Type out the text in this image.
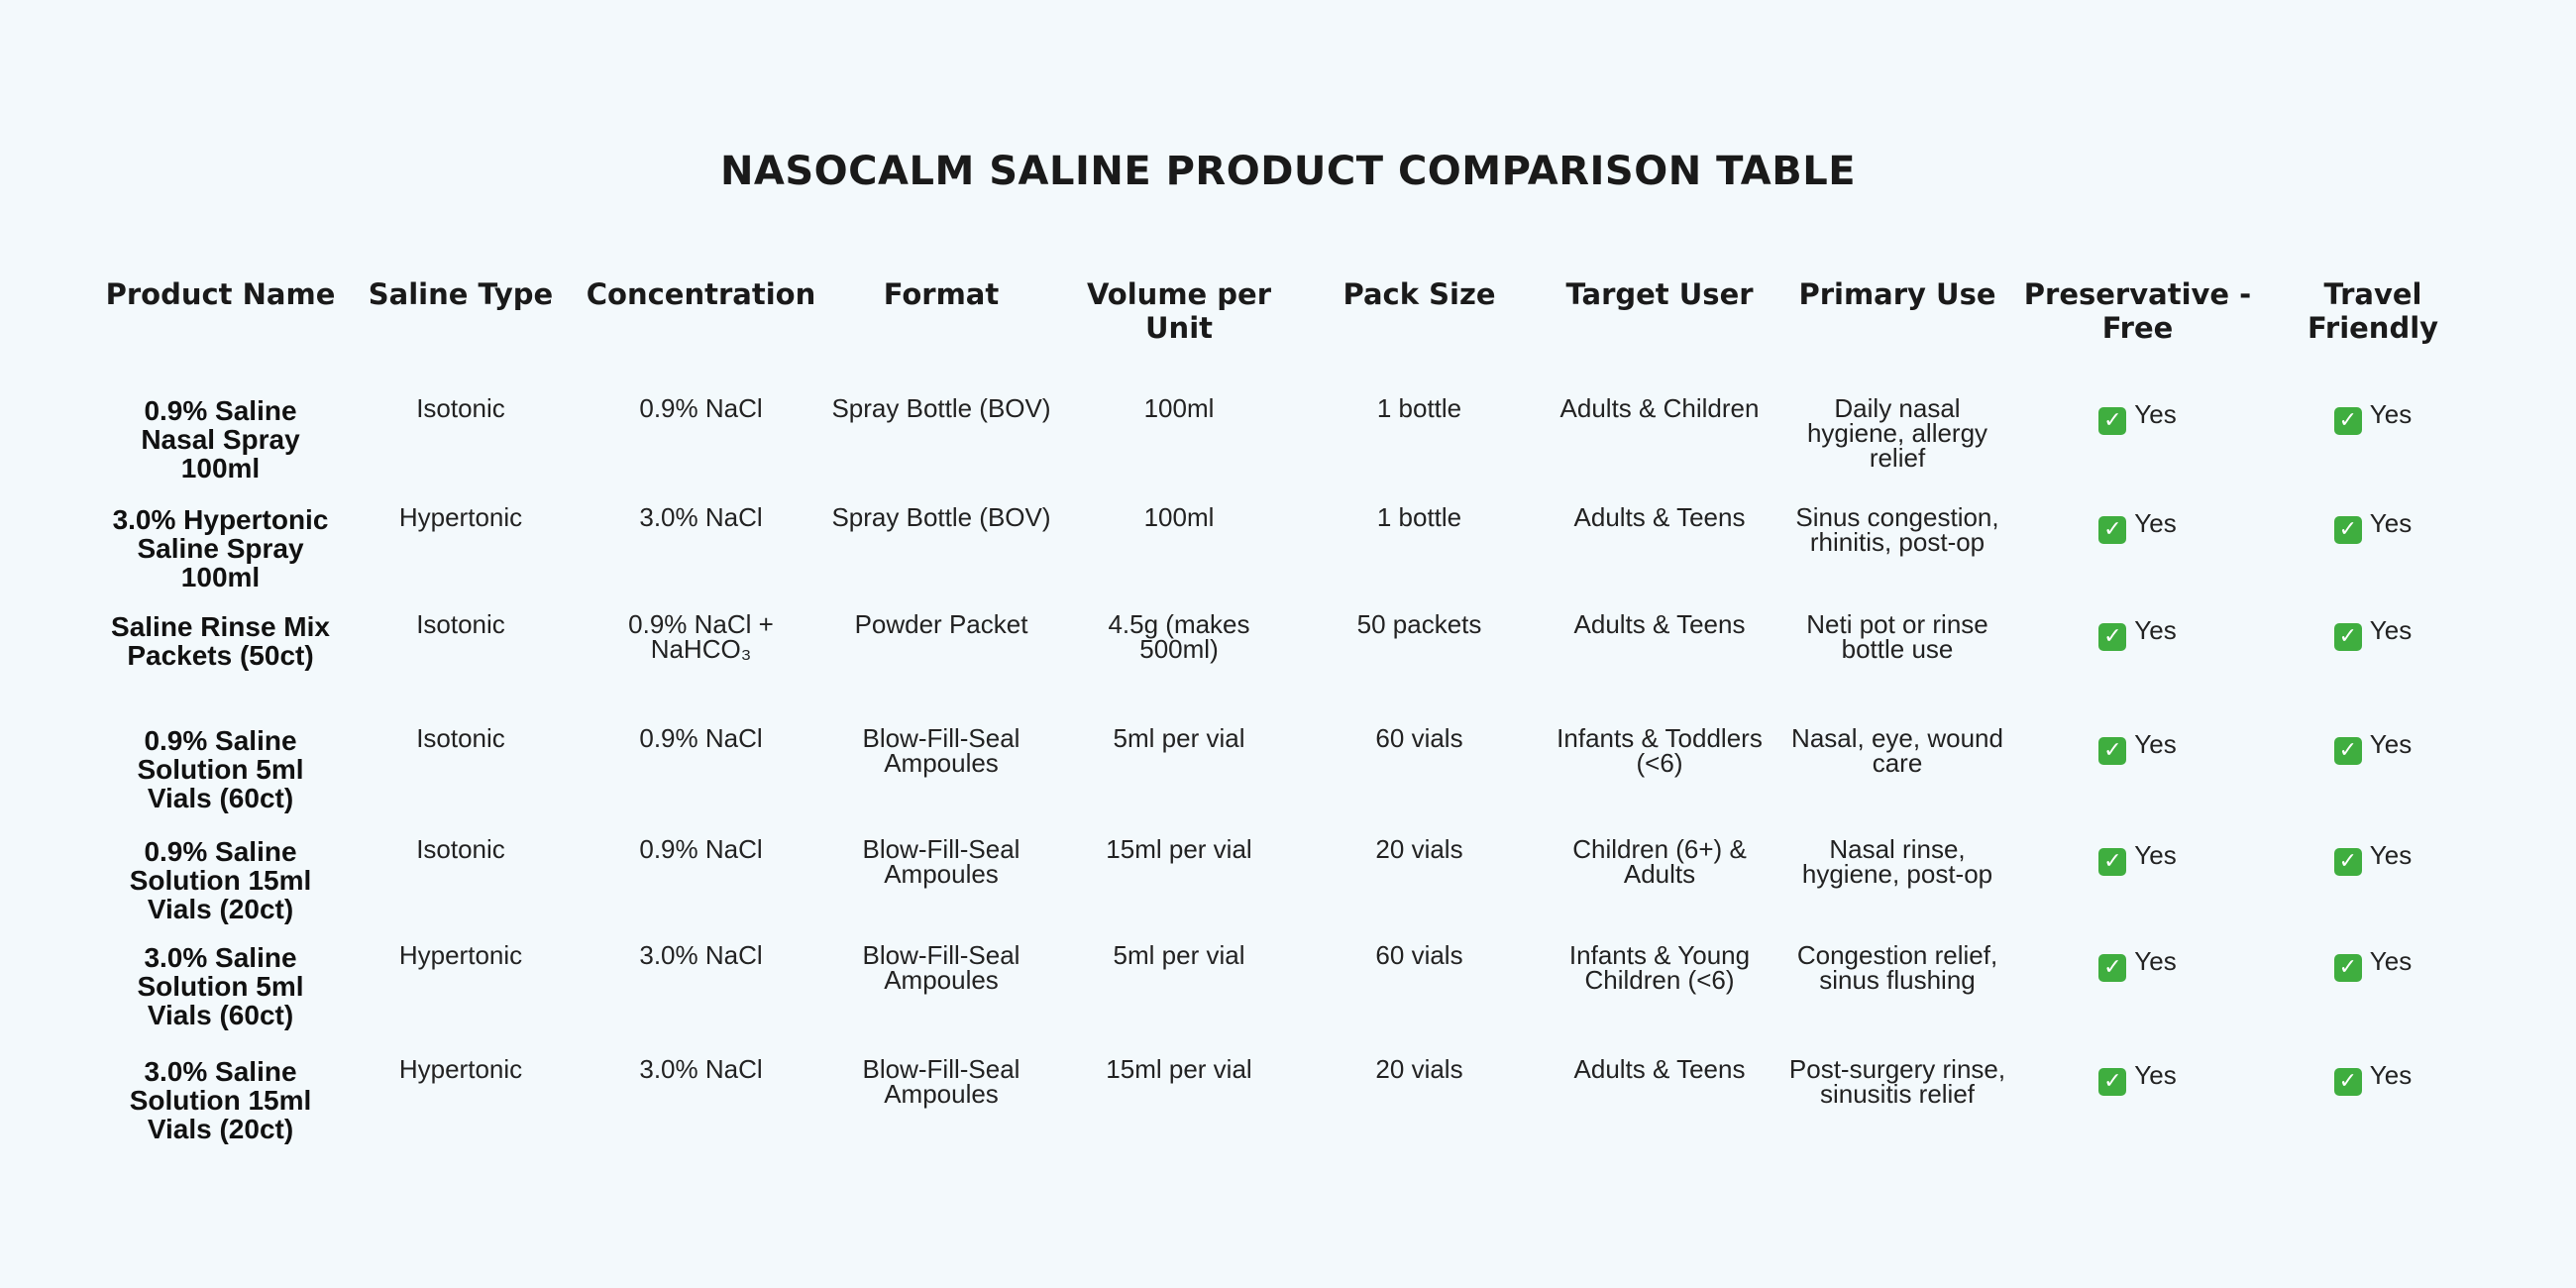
NASOCALM SALINE PRODUCT COMPARISON TABLE
Product Name	Saline Type	Concentration	Format	Volume per Unit	Pack Size	Target User	Primary Use	Preservative -Free	Travel Friendly
0.9% Saline Nasal Spray 100ml	Isotonic	0.9% NaCl	Spray Bottle (BOV)	100ml	1 bottle	Adults & Children	Daily nasal hygiene, allergy relief	✓ Yes	✓ Yes
3.0% Hypertonic Saline Spray 100ml	Hypertonic	3.0% NaCl	Spray Bottle (BOV)	100ml	1 bottle	Adults & Teens	Sinus congestion, rhinitis, post-op	✓ Yes	✓ Yes
Saline Rinse Mix Packets (50ct)	Isotonic	0.9% NaCl + NaHCO₃	Powder Packet	4.5g (makes 500ml)	50 packets	Adults & Teens	Neti pot or rinse bottle use	✓ Yes	✓ Yes
0.9% Saline Solution 5ml Vials (60ct)	Isotonic	0.9% NaCl	Blow-Fill-Seal Ampoules	5ml per vial	60 vials	Infants & Toddlers (<6)	Nasal, eye, wound care	✓ Yes	✓ Yes
0.9% Saline Solution 15ml Vials (20ct)	Isotonic	0.9% NaCl	Blow-Fill-Seal Ampoules	15ml per vial	20 vials	Children (6+) & Adults	Nasal rinse, hygiene, post-op	✓ Yes	✓ Yes
3.0% Saline Solution 5ml Vials (60ct)	Hypertonic	3.0% NaCl	Blow-Fill-Seal Ampoules	5ml per vial	60 vials	Infants & Young Children (<6)	Congestion relief, sinus flushing	✓ Yes	✓ Yes
3.0% Saline Solution 15ml Vials (20ct)	Hypertonic	3.0% NaCl	Blow-Fill-Seal Ampoules	15ml per vial	20 vials	Adults & Teens	Post-surgery rinse, sinusitis relief	✓ Yes	✓ Yes
